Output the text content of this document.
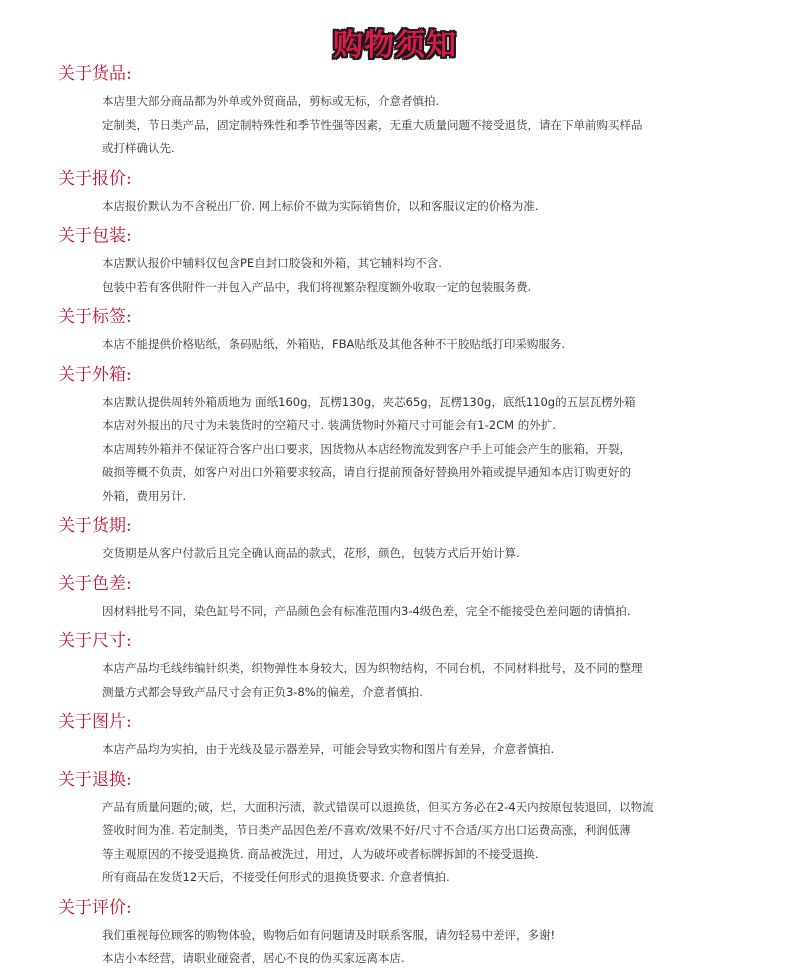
购物须知
关于货品:
本店里大部分商品都为外单或外贸商品，剪标或无标，介意者慎拍.
定制类，节日类产品，固定制特殊性和季节性强等因素，无重大质量问题不接受退货，请在下单前购买样品
或打样确认先.
关于报价:
本店报价默认为不含税出厂价. 网上标价不做为实际销售价，以和客服议定的价格为准.
关于包装:
本店默认报价中辅料仅包含PE自封口胶袋和外箱，其它辅料均不含.
包装中若有客供附件一并包入产品中，我们将视繁杂程度额外收取一定的包装服务费.
关于标签:
本店不能提供价格贴纸，条码贴纸，外箱贴，FBA贴纸及其他各种不干胶贴纸打印采购服务.
关于外箱:
本店默认提供周转外箱质地为 面纸160g，瓦楞130g，夹芯65g，瓦楞130g，底纸110g的五层瓦楞外箱
本店对外报出的尺寸为未装货时的空箱尺寸. 装满货物时外箱尺寸可能会有1-2CM 的外扩.
本店周转外箱并不保证符合客户出口要求，因货物从本店经物流发到客户手上可能会产生的胀箱，开裂，
破损等概不负责，如客户对出口外箱要求较高，请自行提前预备好替换用外箱或提早通知本店订购更好的
外箱，费用另计.
关于货期:
交货期是从客户付款后且完全确认商品的款式，花形，颜色，包装方式后开始计算.
关于色差:
因材料批号不同，染色缸号不同，产品颜色会有标准范围内3-4级色差，完全不能接受色差问题的请慎拍.
关于尺寸:
本店产品均毛线纬编针织类，织物弹性本身较大，因为织物结构，不同台机，不同材料批号，及不同的整理
测量方式都会导致产品尺寸会有正负3-8%的偏差，介意者慎拍.
关于图片:
本店产品均为实拍，由于光线及显示器差异，可能会导致实物和图片有差异，介意者慎拍.
关于退换:
产品有质量问题的;破，烂，大面积污渍，款式错误可以退换货，但买方务必在2-4天内按原包装退回，以物流
签收时间为准. 若定制类，节日类产品因色差/不喜欢/效果不好/尺寸不合适/买方出口运费高涨，利润低薄
等主观原因的不接受退换货. 商品被洗过，用过，人为破坏或者标牌拆卸的不接受退换.
所有商品在发货12天后，不接受任何形式的退换货要求. 介意者慎拍.
关于评价:
我们重视每位顾客的购物体验，购物后如有问题请及时联系客服，请勿轻易中差评，多谢!
本店小本经营，请职业碰瓷者，居心不良的伪买家远离本店.
